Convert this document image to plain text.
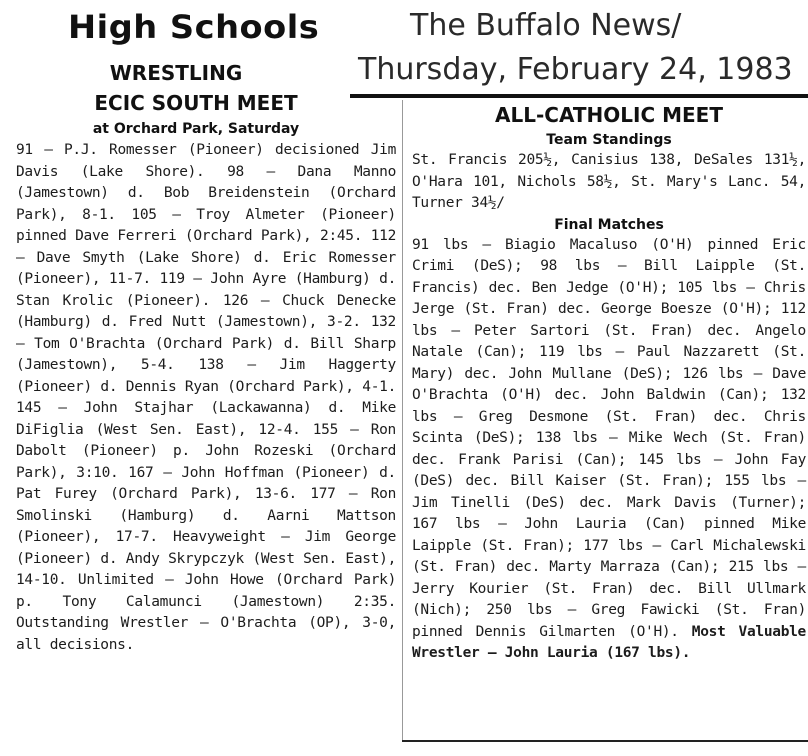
High Schools	The Buffalo News/
Thursday, February 24, 1983
WRESTLING
ECIC SOUTH MEET
at Orchard Park, Saturday

91 — P.J. Romesser (Pioneer) decisioned Jim Davis (Lake Shore). 98 — Dana Manno (Jamestown) d. Bob Breidenstein (Orchard Park), 8-1. 105 — Troy Almeter (Pioneer) pinned Dave Ferreri (Orchard Park), 2:45. 112 — Dave Smyth (Lake Shore) d. Eric Romesser (Pioneer), 11-7. 119 — John Ayre (Hamburg) d. Stan Krolic (Pioneer). 126 — Chuck Denecke (Hamburg) d. Fred Nutt (Jamestown), 3-2. 132 — Tom O'Brachta (Orchard Park) d. Bill Sharp (Jamestown), 5-4. 138 — Jim Haggerty (Pioneer) d. Dennis Ryan (Orchard Park), 4-1. 145 — John Stajhar (Lackawanna) d. Mike DiFiglia (West Sen. East), 12-4. 155 — Ron Dabolt (Pioneer) p. John Rozeski (Orchard Park), 3:10. 167 — John Hoffman (Pioneer) d. Pat Furey (Orchard Park), 13-6. 177 — Ron Smolinski (Hamburg) d. Aarni Mattson (Pioneer), 17-7. Heavyweight — Jim George (Pioneer) d. Andy Skrypczyk (West Sen. East), 14-10. Unlimited — John Howe (Orchard Park) p. Tony Calamunci (Jamestown) 2:35. Outstanding Wrestler — O'Brachta (OP), 3-0, all decisions.

ALL-CATHOLIC MEET
Team Standings

St. Francis 205½, Canisius 138, DeSales 131½, O'Hara 101, Nichols 58½, St. Mary's Lanc. 54, Turner 34½/

Final Matches

91 lbs — Biagio Macaluso (O'H) pinned Eric Crimi (DeS); 98 lbs — Bill Laipple (St. Francis) dec. Ben Jedge (O'H); 105 lbs — Chris Jerge (St. Fran) dec. George Boesze (O'H); 112 lbs — Peter Sartori (St. Fran) dec. Angelo Natale (Can); 119 lbs — Paul Nazzarett (St. Mary) dec. John Mullane (DeS); 126 lbs — Dave O'Brachta (O'H) dec. John Baldwin (Can); 132 lbs — Greg Desmone (St. Fran) dec. Chris Scinta (DeS); 138 lbs — Mike Wech (St. Fran) dec. Frank Parisi (Can); 145 lbs — John Fay (DeS) dec. Bill Kaiser (St. Fran); 155 lbs — Jim Tinelli (DeS) dec. Mark Davis (Turner); 167 lbs — John Lauria (Can) pinned Mike Laipple (St. Fran); 177 lbs — Carl Michalewski (St. Fran) dec. Marty Marraza (Can); 215 lbs — Jerry Kourier (St. Fran) dec. Bill Ullmark (Nich); 250 lbs — Greg Fawicki (St. Fran) pinned Dennis Gilmarten (O'H). Most Valuable Wrestler — John Lauria (167 lbs).
